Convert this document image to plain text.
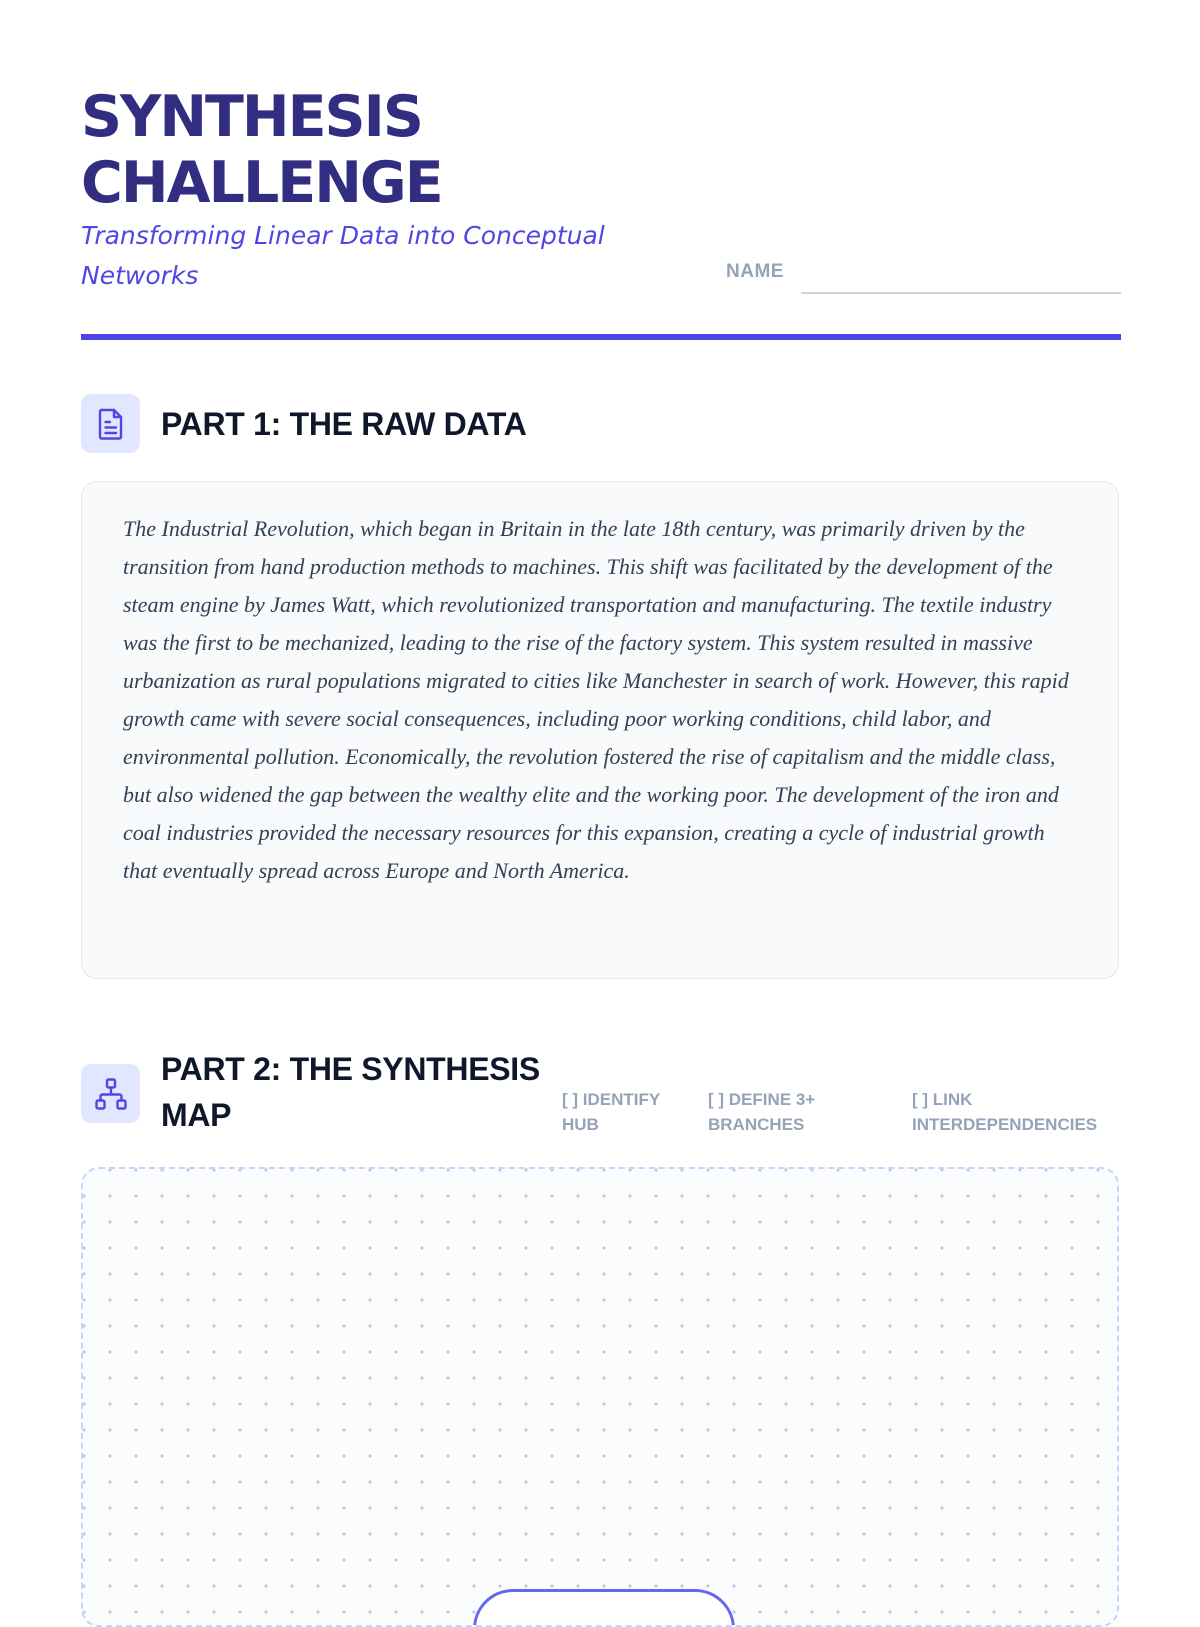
SYNTHESIS
CHALLENGE

Transforming Linear Data into Conceptual Networks	NAME
PART 1: THE RAW DATA

The Industrial Revolution, which began in Britain in the late 18th century, was primarily driven by the transition from hand production methods to machines. This shift was facilitated by the development of the steam engine by James Watt, which revolutionized transportation and manufacturing. The textile industry was the first to be mechanized, leading to the rise of the factory system. This system resulted in massive urbanization as rural populations migrated to cities like Manchester in search of work. However, this rapid growth came with severe social consequences, including poor working conditions, child labor, and environmental pollution. Economically, the revolution fostered the rise of capitalism and the middle class, but also widened the gap between the wealthy elite and the working poor. The development of the iron and coal industries provided the necessary resources for this expansion, creating a cycle of industrial growth that eventually spread across Europe and North America.

PART 2: THE SYNTHESIS MAP	[ ] IDENTIFY HUB
[ ] DEFINE 3+ BRANCHES
[ ] LINK INTERDEPENDENCIES
